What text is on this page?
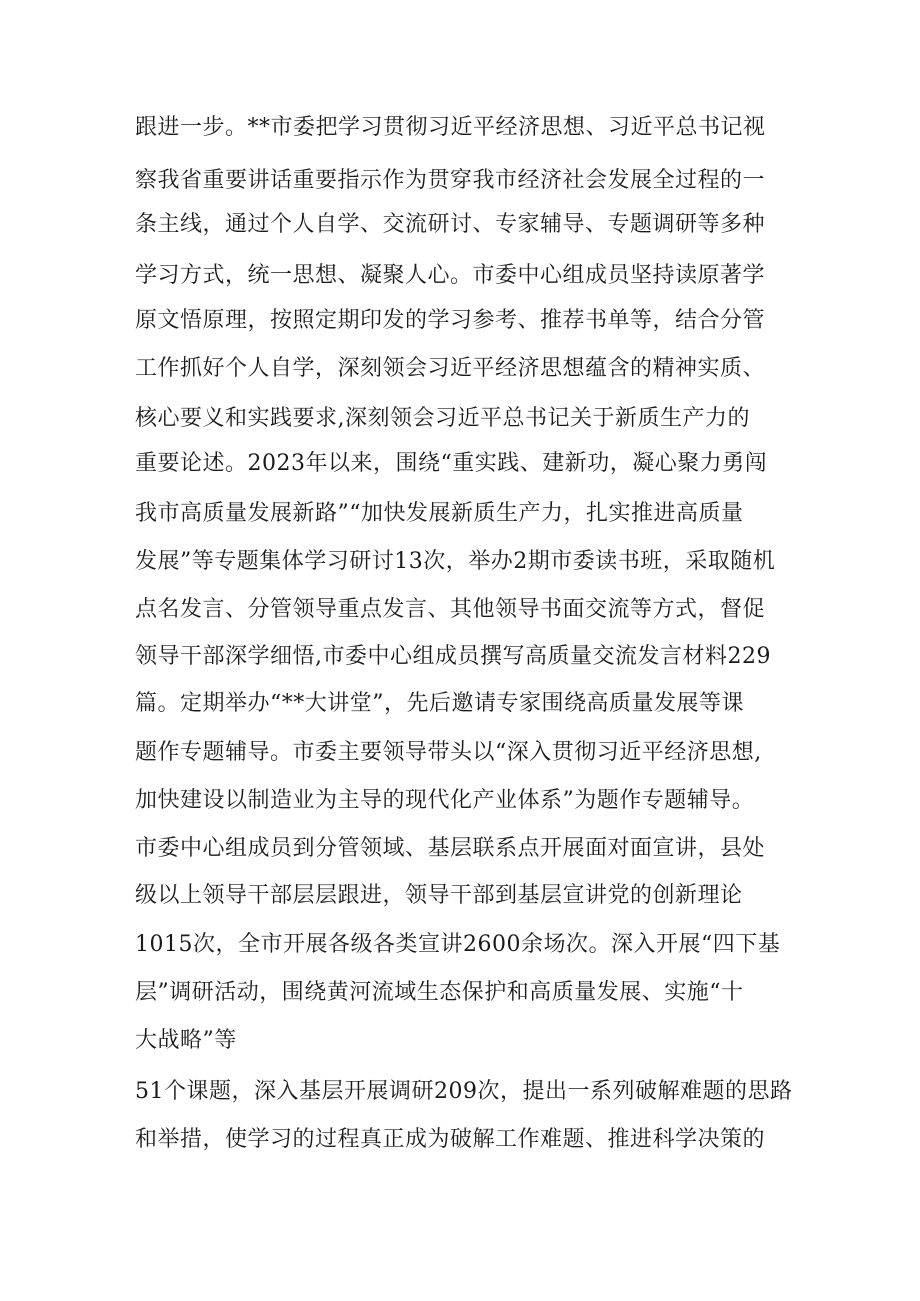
跟进一步。**市委把学习贯彻习近平经济思想、习近平总书记视
察我省重要讲话重要指示作为贯穿我市经济社会发展全过程的一
条主线，通过个人自学、交流研讨、专家辅导、专题调研等多种
学习方式，统一思想、凝聚人心。市委中心组成员坚持读原著学
原文悟原理，按照定期印发的学习参考、推荐书单等，结合分管
工作抓好个人自学，深刻领会习近平经济思想蕴含的精神实质、
核心要义和实践要求,深刻领会习近平总书记关于新质生产力的
重要论述。2023年以来，围绕“重实践、建新功，凝心聚力勇闯
我市高质量发展新路”“加快发展新质生产力，扎实推进高质量
发展”等专题集体学习研讨13次，举办2期市委读书班，采取随机
点名发言、分管领导重点发言、其他领导书面交流等方式，督促
领导干部深学细悟,市委中心组成员撰写高质量交流发言材料229
篇。定期举办“**大讲堂”，先后邀请专家围绕高质量发展等课
题作专题辅导。市委主要领导带头以“深入贯彻习近平经济思想,
加快建设以制造业为主导的现代化产业体系”为题作专题辅导。
市委中心组成员到分管领域、基层联系点开展面对面宣讲，县处
级以上领导干部层层跟进，领导干部到基层宣讲党的创新理论
1015次，全市开展各级各类宣讲2600余场次。深入开展“四下基
层”调研活动，围绕黄河流域生态保护和高质量发展、实施“十
大战略”等
51个课题，深入基层开展调研209次，提出一系列破解难题的思路
和举措，使学习的过程真正成为破解工作难题、推进科学决策的
